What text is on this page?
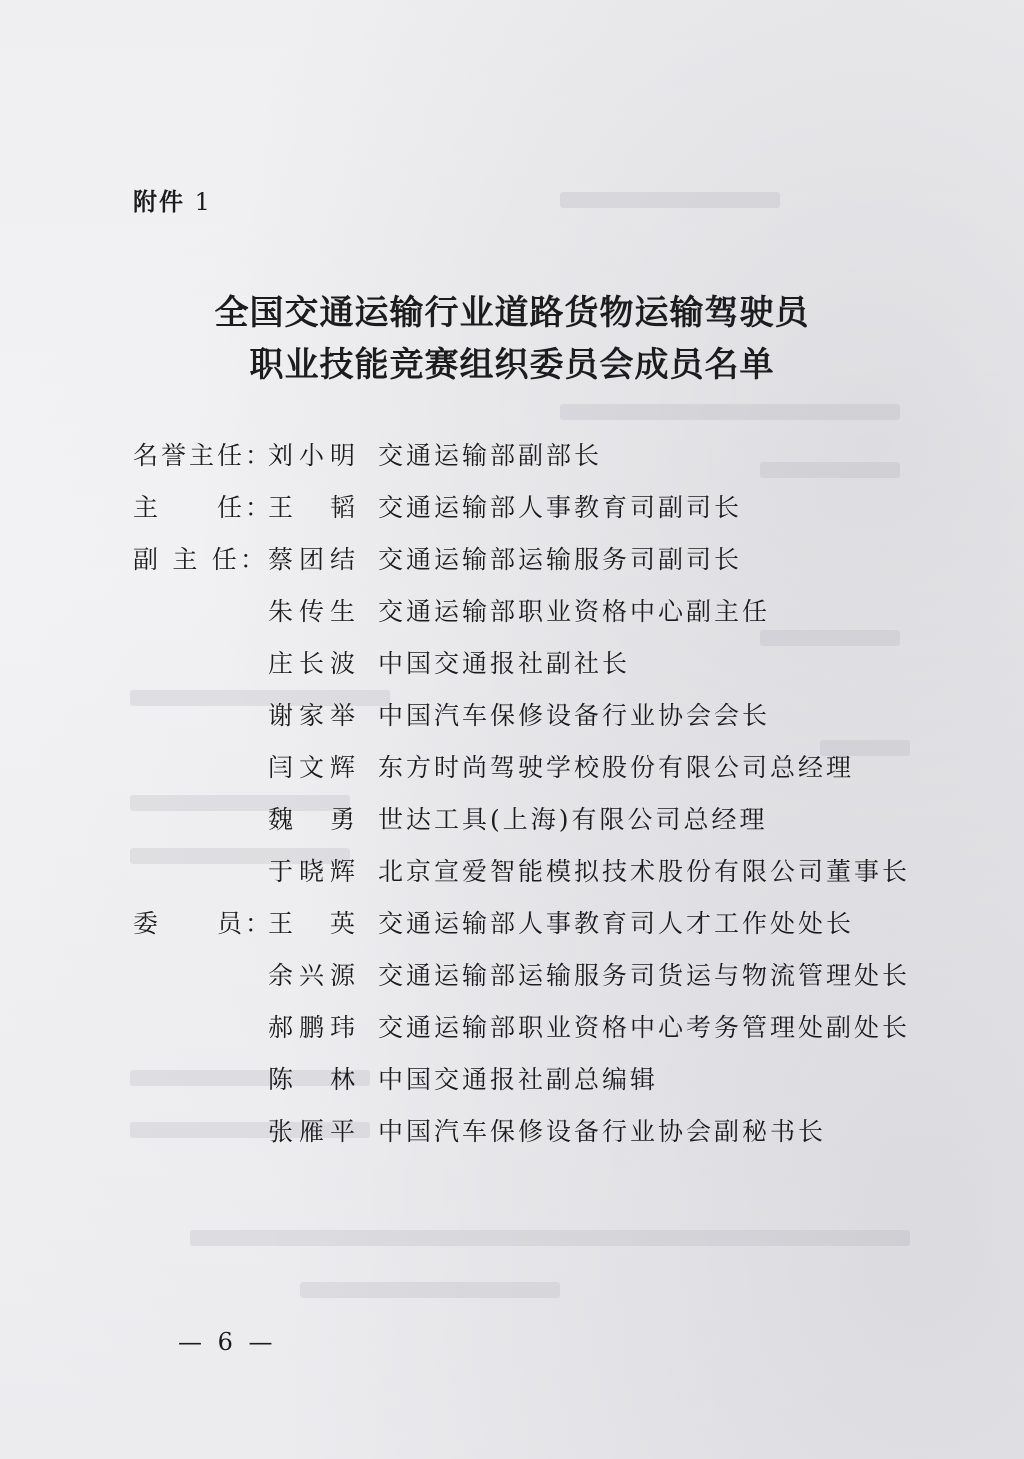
附件 1
全国交通运输行业道路货物运输驾驶员
职业技能竞赛组织委员会成员名单
名誉主任：
刘小明 交通运输部副部长
主　　任：
王　韬 交通运输部人事教育司副司长
副 主 任： 蔡团结 交通运输部运输服务司副司长
朱传生 交通运输部职业资格中心副主任
庄长波 中国交通报社副社长
谢家举 中国汽车保修设备行业协会会长
闫文辉 东方时尚驾驶学校股份有限公司总经理
魏　勇 世达工具(上海)有限公司总经理
于晓辉 北京宣爱智能模拟技术股份有限公司董事长
委　　员：
王　英 交通运输部人事教育司人才工作处处长
余兴源 交通运输部运输服务司货运与物流管理处长
郝鹏玮 交通运输部职业资格中心考务管理处副处长
陈　林 中国交通报社副总编辑
张雁平 中国汽车保修设备行业协会副秘书长
— 6 —
